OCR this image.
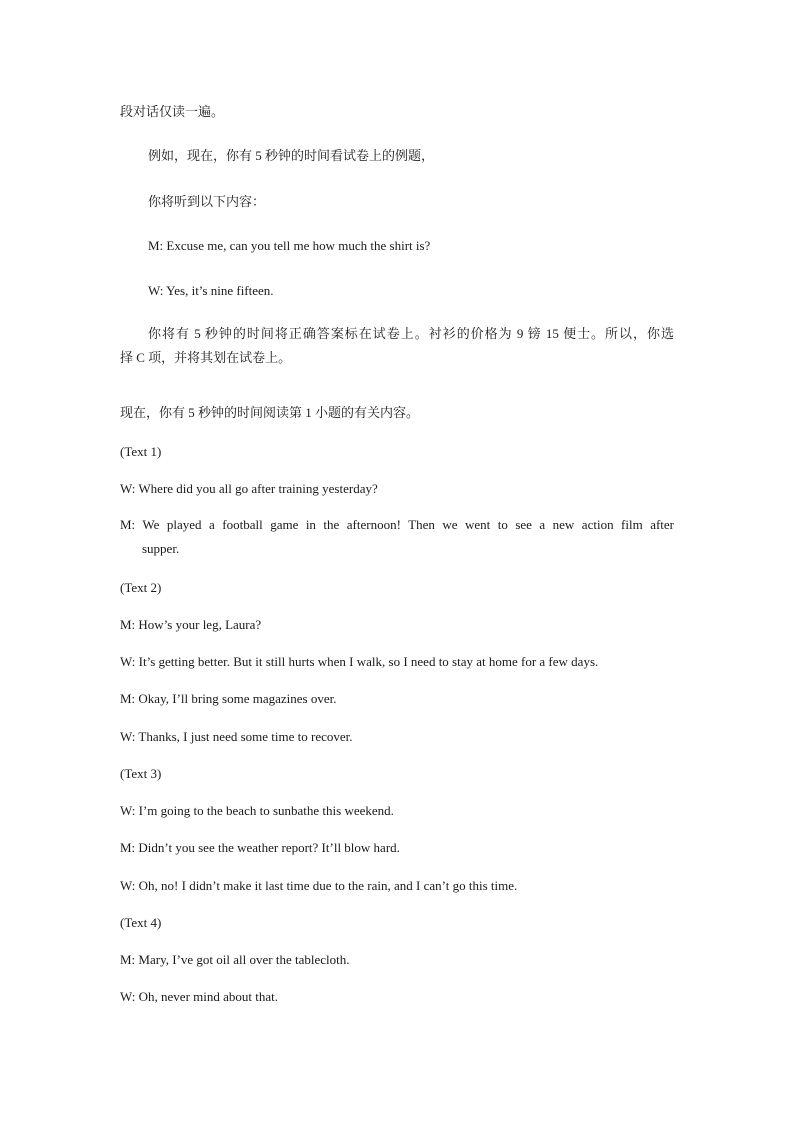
段对话仅读一遍。
例如，现在，你有 5 秒钟的时间看试卷上的例题，
你将听到以下内容：
M: Excuse me, can you tell me how much the shirt is?
W: Yes, it’s nine fifteen.
你将有 5 秒钟的时间将正确答案标在试卷上。衬衫的价格为 9 镑 15 便士。所以，你选
择 C 项，并将其划在试卷上。
现在，你有 5 秒钟的时间阅读第 1 小题的有关内容。
(Text 1)
W: Where did you all go after training yesterday?
M: We played a football game in the afternoon! Then we went to see a new action film after
supper.
(Text 2)
M: How’s your leg, Laura?
W: It’s getting better. But it still hurts when I walk, so I need to stay at home for a few days.
M: Okay, I’ll bring some magazines over.
W: Thanks, I just need some time to recover.
(Text 3)
W: I’m going to the beach to sunbathe this weekend.
M: Didn’t you see the weather report? It’ll blow hard.
W: Oh, no! I didn’t make it last time due to the rain, and I can’t go this time.
(Text 4)
M: Mary, I’ve got oil all over the tablecloth.
W: Oh, never mind about that.
